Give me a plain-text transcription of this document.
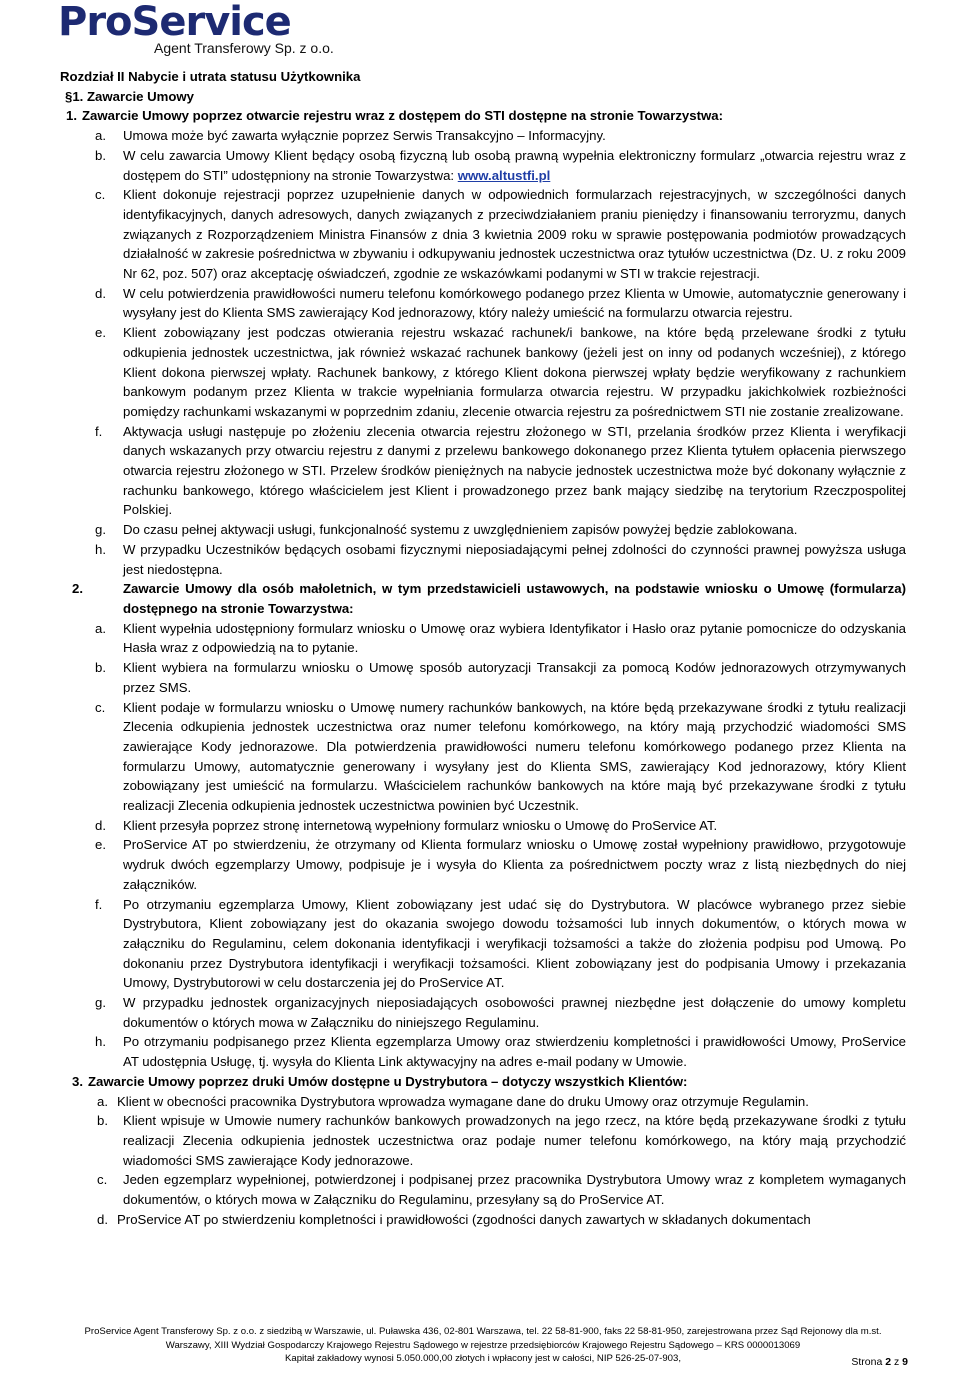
ProService
Agent Transferowy Sp. z o.o.
Rozdział II Nabycie i utrata statusu Użytkownika
§1. Zawarcie Umowy
1. Zawarcie Umowy poprzez otwarcie rejestru wraz z dostępem do STI dostępne na stronie Towarzystwa:
a. Umowa może być zawarta wyłącznie poprzez Serwis Transakcyjno – Informacyjny.
b. W celu zawarcia Umowy Klient będący osobą fizyczną lub osobą prawną wypełnia elektroniczny formularz „otwarcia rejestru wraz z dostępem do STI” udostępniony na stronie Towarzystwa: www.altustfi.pl
c. Klient dokonuje rejestracji poprzez uzupełnienie danych w odpowiednich formularzach rejestracyjnych, w szczególności danych identyfikacyjnych, danych adresowych, danych związanych z przeciwdziałaniem praniu pieniędzy i finansowaniu terroryzmu, danych związanych z Rozporządzeniem Ministra Finansów z dnia 3 kwietnia 2009 roku w sprawie postępowania podmiotów prowadzących działalność w zakresie pośrednictwa w zbywaniu i odkupywaniu jednostek uczestnictwa oraz tytułów uczestnictwa (Dz. U. z roku 2009 Nr 62, poz. 507) oraz akceptację oświadczeń, zgodnie ze wskazówkami podanymi w STI w trakcie rejestracji.
d. W celu potwierdzenia prawidłowości numeru telefonu komórkowego podanego przez Klienta w Umowie, automatycznie generowany i wysyłany jest do Klienta SMS zawierający Kod jednorazowy, który należy umieścić na formularzu otwarcia rejestru.
e. Klient zobowiązany jest podczas otwierania rejestru wskazać rachunek/i bankowe, na które będą przelewane środki z tytułu odkupienia jednostek uczestnictwa, jak również wskazać rachunek bankowy (jeżeli jest on inny od podanych wcześniej), z którego Klient dokona pierwszej wpłaty. Rachunek bankowy, z którego Klient dokona pierwszej wpłaty będzie weryfikowany z rachunkiem bankowym podanym przez Klienta w trakcie wypełniania formularza otwarcia rejestru. W przypadku jakichkolwiek rozbieżności pomiędzy rachunkami wskazanymi w poprzednim zdaniu, zlecenie otwarcia rejestru za pośrednictwem STI nie zostanie zrealizowane.
f. Aktywacja usługi następuje po złożeniu zlecenia otwarcia rejestru złożonego w STI, przelania środków przez Klienta i weryfikacji danych wskazanych przy otwarciu rejestru z danymi z przelewu bankowego dokonanego przez Klienta tytułem opłacenia pierwszego otwarcia rejestru złożonego w STI. Przelew środków pieniężnych na nabycie jednostek uczestnictwa może być dokonany wyłącznie z rachunku bankowego, którego właścicielem jest Klient i prowadzonego przez bank mający siedzibę na terytorium Rzeczpospolitej Polskiej.
g. Do czasu pełnej aktywacji usługi, funkcjonalność systemu z uwzględnieniem zapisów powyżej będzie zablokowana.
h. W przypadku Uczestników będących osobami fizycznymi nieposiadającymi pełnej zdolności do czynności prawnej powyższa usługa jest niedostępna.
2.	Zawarcie Umowy dla osób małoletnich, w tym przedstawicieli ustawowych, na podstawie wniosku o Umowę (formularza) dostępnego na stronie Towarzystwa:
a. Klient wypełnia udostępniony formularz wniosku o Umowę oraz wybiera Identyfikator i Hasło oraz pytanie pomocnicze do odzyskania Hasła wraz z odpowiedzią na to pytanie.
b. Klient wybiera na formularzu wniosku o Umowę sposób autoryzacji Transakcji za pomocą Kodów jednorazowych otrzymywanych przez SMS.
c. Klient podaje w formularzu wniosku o Umowę numery rachunków bankowych, na które będą przekazywane środki z tytułu realizacji Zlecenia odkupienia jednostek uczestnictwa oraz numer telefonu komórkowego, na który mają przychodzić wiadomości SMS zawierające Kody jednorazowe. Dla potwierdzenia prawidłowości numeru telefonu komórkowego podanego przez Klienta na formularzu Umowy, automatycznie generowany i wysyłany jest do Klienta SMS, zawierający Kod jednorazowy, który Klient zobowiązany jest umieścić na formularzu. Właścicielem rachunków bankowych na które mają być przekazywane środki z tytułu realizacji Zlecenia odkupienia jednostek uczestnictwa powinien być Uczestnik.
d. Klient przesyła poprzez stronę internetową wypełniony formularz wniosku o Umowę do ProService AT.
e. ProService AT po stwierdzeniu, że otrzymany od Klienta formularz wniosku o Umowę został wypełniony prawidłowo, przygotowuje wydruk dwóch egzemplarzy Umowy, podpisuje je i wysyła do Klienta za pośrednictwem poczty wraz z listą niezbędnych do niej załączników.
f. Po otrzymaniu egzemplarza Umowy, Klient zobowiązany jest udać się do Dystrybutora. W placówce wybranego przez siebie Dystrybutora, Klient zobowiązany jest do okazania swojego dowodu tożsamości lub innych dokumentów, o których mowa w załączniku do Regulaminu, celem dokonania identyfikacji i weryfikacji tożsamości a także do złożenia podpisu pod Umową. Po dokonaniu przez Dystrybutora identyfikacji i weryfikacji tożsamości. Klient zobowiązany jest do podpisania Umowy i przekazania Umowy, Dystrybutorowi w celu dostarczenia jej do ProService AT.
g. W przypadku jednostek organizacyjnych nieposiadających osobowości prawnej niezbędne jest dołączenie do umowy kompletu dokumentów o których mowa w Załączniku do niniejszego Regulaminu.
h. Po otrzymaniu podpisanego przez Klienta egzemplarza Umowy oraz stwierdzeniu kompletności i prawidłowości Umowy, ProService AT udostępnia Usługę, tj. wysyła do Klienta Link aktywacyjny na adres e-mail podany w Umowie.
3. Zawarcie Umowy poprzez druki Umów dostępne u Dystrybutora – dotyczy wszystkich Klientów:
a. Klient w obecności pracownika Dystrybutora wprowadza wymagane dane do druku Umowy oraz otrzymuje Regulamin.
b. Klient wpisuje w Umowie numery rachunków bankowych prowadzonych na jego rzecz, na które będą przekazywane środki z tytułu realizacji Zlecenia odkupienia jednostek uczestnictwa oraz podaje numer telefonu komórkowego, na który mają przychodzić wiadomości SMS zawierające Kody jednorazowe.
c. Jeden egzemplarz wypełnionej, potwierdzonej i podpisanej przez pracownika Dystrybutora Umowy wraz z kompletem wymaganych dokumentów, o których mowa w Załączniku do Regulaminu, przesyłany są do ProService AT.
d. ProService AT po stwierdzeniu kompletności i prawidłowości (zgodności danych zawartych w składanych dokumentach
ProService Agent Transferowy Sp. z o.o. z siedzibą w Warszawie, ul. Puławska 436, 02-801 Warszawa, tel. 22 58-81-900, faks 22 58-81-950, zarejestrowana przez Sąd Rejonowy dla m.st.
Warszawy, XIII Wydział Gospodarczy Krajowego Rejestru Sądowego w rejestrze przedsiębiorców Krajowego Rejestru Sądowego – KRS 0000013069
Kapitał zakładowy wynosi 5.050.000,00 złotych i wpłacony jest w całości, NIP 526-25-07-903,	Strona 2 z 9
